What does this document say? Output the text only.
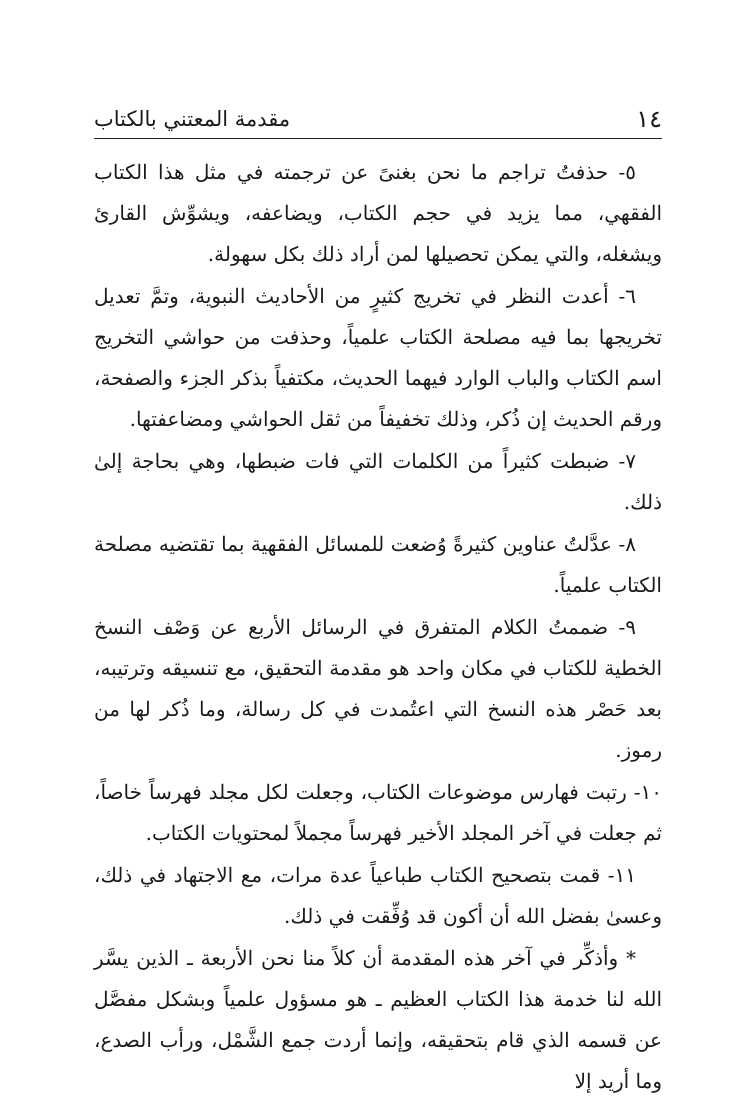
١٤
مقدمة المعتني بالكتاب

٥- حذفتُ تراجم ما نحن بغنىً عن ترجمته في مثل هذا الكتاب الفقهي، مما يزيد في حجم الكتاب، ويضاعفه، ويشوِّش القارئ ويشغله، والتي يمكن تحصيلها لمن أراد ذلك بكل سهولة.

٦- أعدت النظر في تخريج كثيرٍ من الأحاديث النبوية، وتمَّ تعديل تخريجها بما فيه مصلحة الكتاب علمياً، وحذفت من حواشي التخريج اسم الكتاب والباب الوارد فيهما الحديث، مكتفياً بذكر الجزء والصفحة، ورقم الحديث إن ذُكر، وذلك تخفيفاً من ثقل الحواشي ومضاعفتها.

٧- ضبطت كثيراً من الكلمات التي فات ضبطها، وهي بحاجة إلىٰ ذلك.

٨- عدَّلتُ عناوين كثيرةً وُضعت للمسائل الفقهية بما تقتضيه مصلحة الكتاب علمياً.

٩- ضممتُ الكلام المتفرق في الرسائل الأربع عن وَصْف النسخ الخطية للكتاب في مكان واحد هو مقدمة التحقيق، مع تنسيقه وترتيبه، بعد حَصْر هذه النسخ التي اعتُمدت في كل رسالة، وما ذُكر لها من رموز.

١٠- رتبت فهارس موضوعات الكتاب، وجعلت لكل مجلد فهرساً خاصاً، ثم جعلت في آخر المجلد الأخير فهرساً مجملاً لمحتويات الكتاب.

١١- قمت بتصحيح الكتاب طباعياً عدة مرات، مع الاجتهاد في ذلك، وعسىٰ بفضل الله أن أكون قد وُفِّقت في ذلك.

* وأذكِّر في آخر هذه المقدمة أن كلاً منا نحن الأربعة ـ الذين يسَّر الله لنا خدمة هذا الكتاب العظيم ـ هو مسؤول علمياً وبشكل مفصَّل عن قسمه الذي قام بتحقيقه، وإنما أردت جمع الشَّمْل، ورأب الصدع، وما أريد إلا
